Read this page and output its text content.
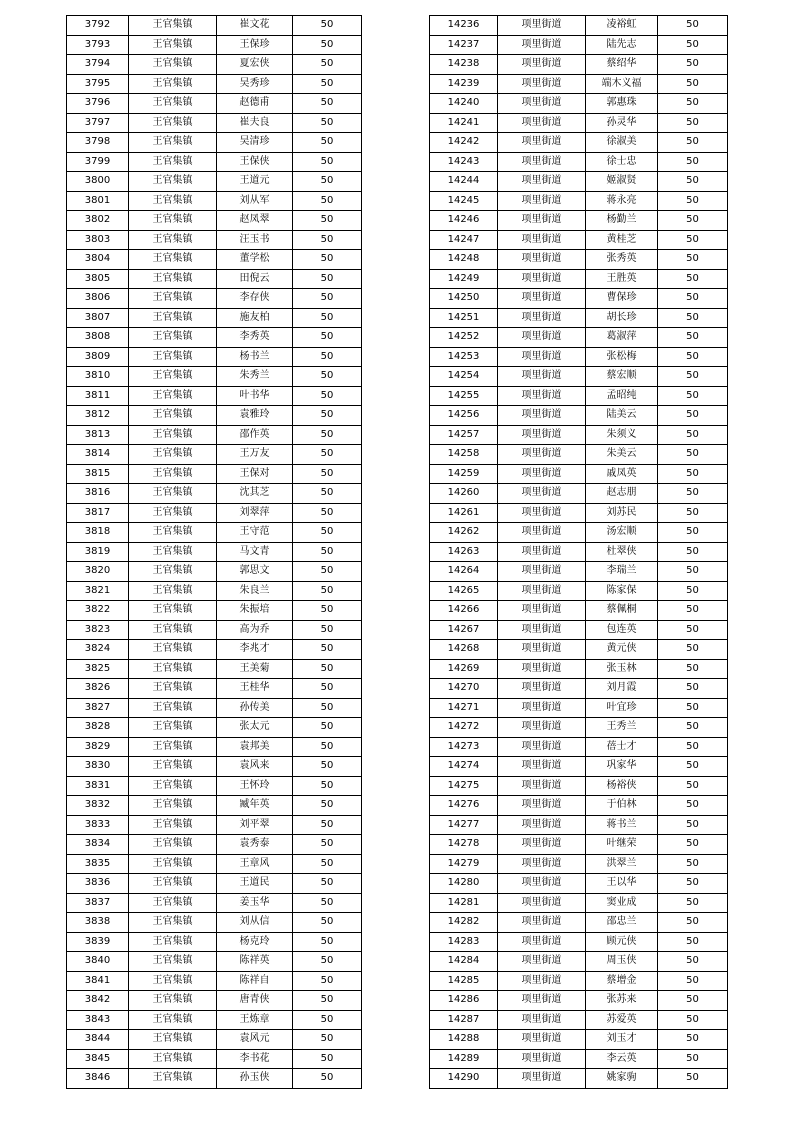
3792	王官集镇	崔文花	50
3793	王官集镇	王保珍	50
3794	王官集镇	夏宏侠	50
3795	王官集镇	吴秀珍	50
3796	王官集镇	赵德甫	50
3797	王官集镇	崔夫良	50
3798	王官集镇	吴清珍	50
3799	王官集镇	王保侠	50
3800	王官集镇	王道元	50
3801	王官集镇	刘从军	50
3802	王官集镇	赵凤翠	50
3803	王官集镇	汪玉书	50
3804	王官集镇	董学松	50
3805	王官集镇	田倪云	50
3806	王官集镇	李存侠	50
3807	王官集镇	施友柏	50
3808	王官集镇	李秀英	50
3809	王官集镇	杨书兰	50
3810	王官集镇	朱秀兰	50
3811	王官集镇	叶书华	50
3812	王官集镇	袁雅玲	50
3813	王官集镇	邵作英	50
3814	王官集镇	王万友	50
3815	王官集镇	王保对	50
3816	王官集镇	沈其芝	50
3817	王官集镇	刘翠萍	50
3818	王官集镇	王守范	50
3819	王官集镇	马文青	50
3820	王官集镇	郭思文	50
3821	王官集镇	朱良兰	50
3822	王官集镇	朱振培	50
3823	王官集镇	高为乔	50
3824	王官集镇	李兆才	50
3825	王官集镇	王美菊	50
3826	王官集镇	王桂华	50
3827	王官集镇	孙传美	50
3828	王官集镇	张太元	50
3829	王官集镇	袁邦美	50
3830	王官集镇	袁风来	50
3831	王官集镇	王怀玲	50
3832	王官集镇	臧年英	50
3833	王官集镇	刘平翠	50
3834	王官集镇	袁秀泰	50
3835	王官集镇	王章风	50
3836	王官集镇	王道民	50
3837	王官集镇	姜玉华	50
3838	王官集镇	刘从信	50
3839	王官集镇	杨克玲	50
3840	王官集镇	陈祥英	50
3841	王官集镇	陈祥自	50
3842	王官集镇	唐青侠	50
3843	王官集镇	王炼章	50
3844	王官集镇	袁风元	50
3845	王官集镇	李书花	50
3846	王官集镇	孙玉侠	50
14236	项里街道	凌裕虹	50
14237	项里街道	陆先志	50
14238	项里街道	蔡绍华	50
14239	项里街道	端木义福	50
14240	项里街道	郭惠珠	50
14241	项里街道	孙灵华	50
14242	项里街道	徐淑美	50
14243	项里街道	徐士忠	50
14244	项里街道	姬淑贤	50
14245	项里街道	蒋永亮	50
14246	项里街道	杨勤兰	50
14247	项里街道	黄桂芝	50
14248	项里街道	张秀英	50
14249	项里街道	王胜英	50
14250	项里街道	曹保珍	50
14251	项里街道	胡长珍	50
14252	项里街道	葛淑萍	50
14253	项里街道	张松梅	50
14254	项里街道	蔡宏顺	50
14255	项里街道	孟昭纯	50
14256	项里街道	陆美云	50
14257	项里街道	朱须义	50
14258	项里街道	朱美云	50
14259	项里街道	戚凤英	50
14260	项里街道	赵志朋	50
14261	项里街道	刘苏民	50
14262	项里街道	汤宏顺	50
14263	项里街道	杜翠侠	50
14264	项里街道	李瑞兰	50
14265	项里街道	陈家保	50
14266	项里街道	蔡佩桐	50
14267	项里街道	包连英	50
14268	项里街道	黄元侠	50
14269	项里街道	张玉林	50
14270	项里街道	刘月霞	50
14271	项里街道	叶宜珍	50
14272	项里街道	王秀兰	50
14273	项里街道	蓓士才	50
14274	项里街道	巩家华	50
14275	项里街道	杨裕侠	50
14276	项里街道	于伯林	50
14277	项里街道	蒋书兰	50
14278	项里街道	叶继荣	50
14279	项里街道	洪翠兰	50
14280	项里街道	王以华	50
14281	项里街道	窦业成	50
14282	项里街道	邵忠兰	50
14283	项里街道	顾元侠	50
14284	项里街道	周玉侠	50
14285	项里街道	蔡增金	50
14286	项里街道	张苏来	50
14287	项里街道	苏爱英	50
14288	项里街道	刘玉才	50
14289	项里街道	李云英	50
14290	项里街道	姚家驹	50
